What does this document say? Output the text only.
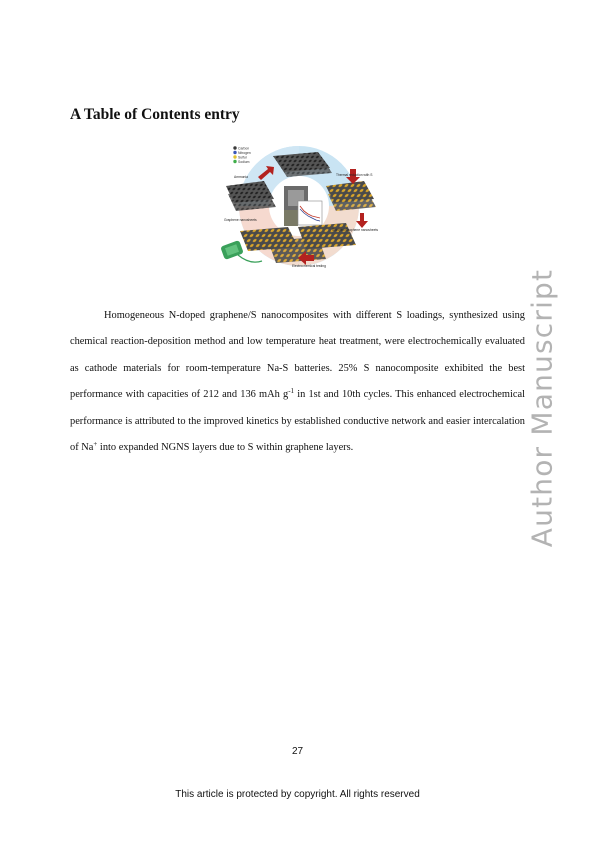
A Table of Contents entry
Carbon
Nitrogen
Sulfur
Sodium
Ammonia	Thermal reduction with S
Graphene nanosheets
S-doped Graphene nanosheets
Electrochemical testing

Homogeneous N-doped graphene/S nanocomposites with different S loadings, synthesized using chemical reaction-deposition method and low temperature heat treatment, were electrochemically evaluated as cathode materials for room-temperature Na-S batteries. 25% S nanocomposite exhibited the best performance with capacities of 212 and 136 mAh $g^{-1}$ in 1st and 10th cycles. This enhanced electrochemical performance is attributed to the improved kinetics by established conductive network and easier intercalation of Na+ into expanded NGNS layers due to S within graphene layers.	Author Manuscript
27
This article is protected by copyright. All rights reserved
